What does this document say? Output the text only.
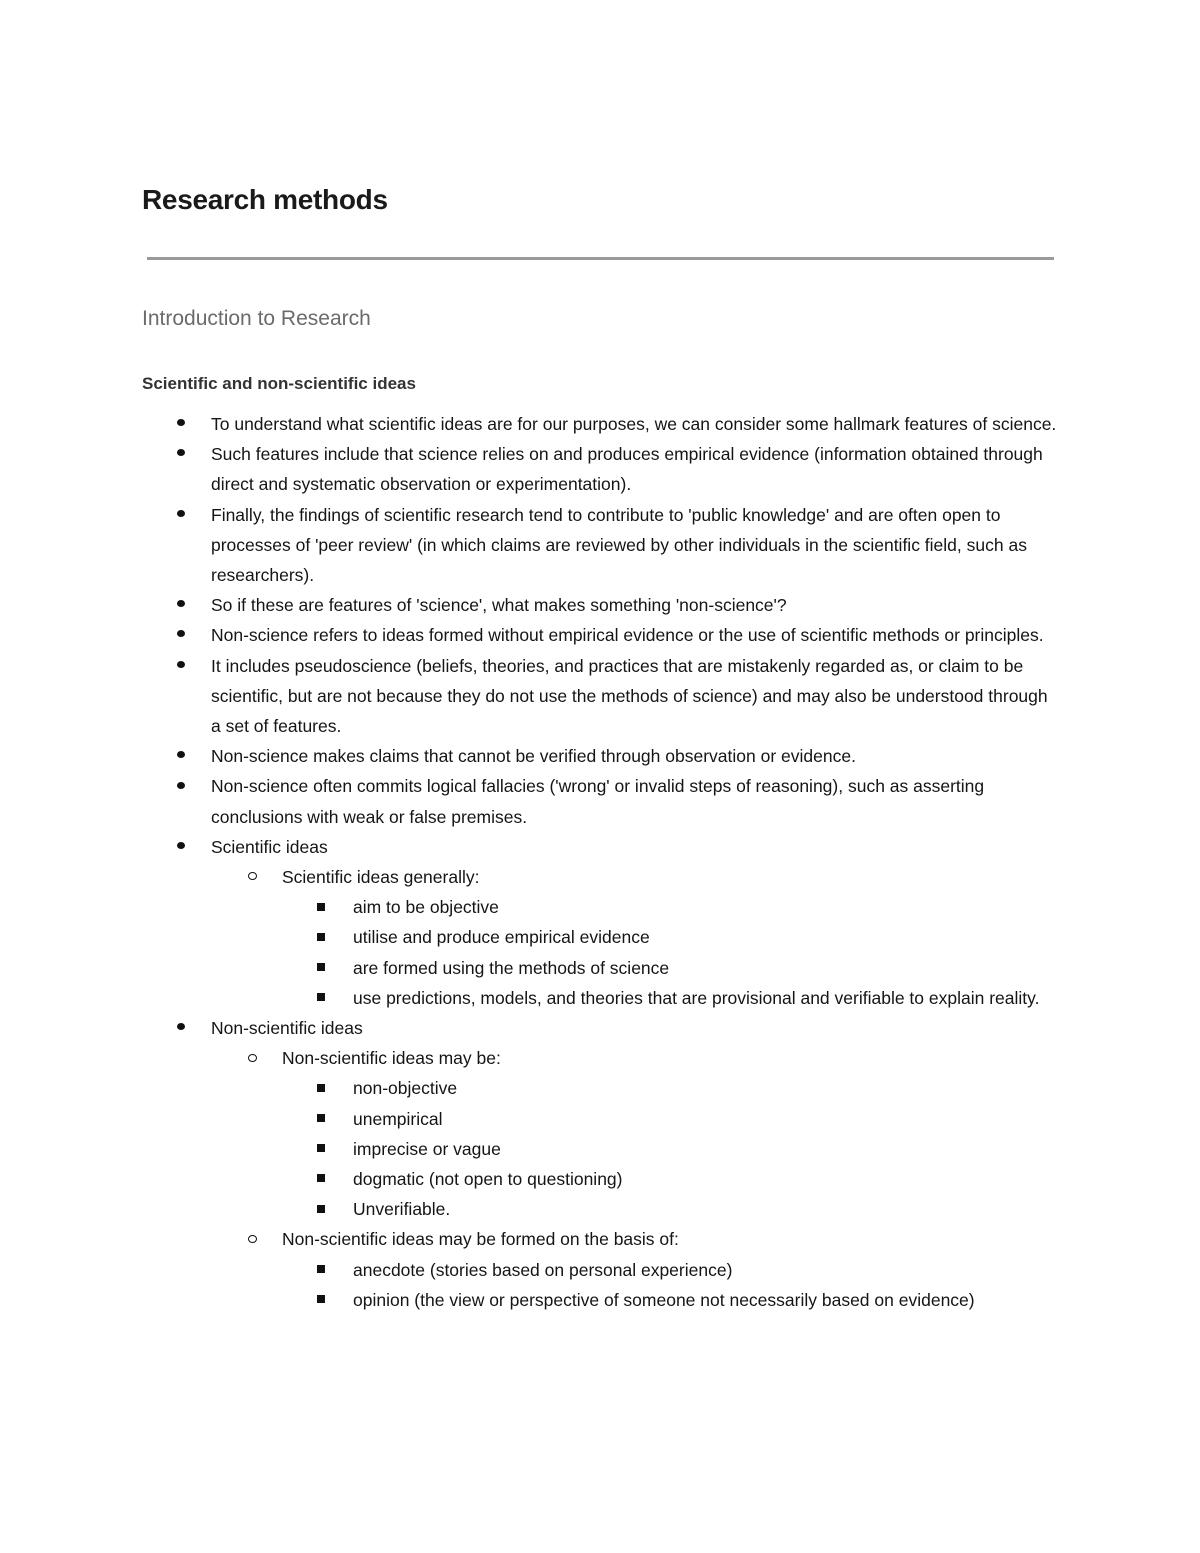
Research methods
Introduction to Research
Scientific and non-scientific ideas
To understand what scientific ideas are for our purposes, we can consider some hallmark features of science.
Such features include that science relies on and produces empirical evidence (information obtained through direct and systematic observation or experimentation).
Finally, the findings of scientific research tend to contribute to 'public knowledge' and are often open to processes of 'peer review' (in which claims are reviewed by other individuals in the scientific field, such as researchers).
So if these are features of 'science', what makes something 'non-science'?
Non-science refers to ideas formed without empirical evidence or the use of scientific methods or principles.
It includes pseudoscience (beliefs, theories, and practices that are mistakenly regarded as, or claim to be scientific, but are not because they do not use the methods of science) and may also be understood through a set of features.
Non-science makes claims that cannot be verified through observation or evidence.
Non-science often commits logical fallacies ('wrong' or invalid steps of reasoning), such as asserting conclusions with weak or false premises.
Scientific ideas
Scientific ideas generally:
aim to be objective
utilise and produce empirical evidence
are formed using the methods of science
use predictions, models, and theories that are provisional and verifiable to explain reality.
Non-scientific ideas
Non-scientific ideas may be:
non-objective
unempirical
imprecise or vague
dogmatic (not open to questioning)
Unverifiable.
Non-scientific ideas may be formed on the basis of:
anecdote (stories based on personal experience)
opinion (the view or perspective of someone not necessarily based on evidence)
